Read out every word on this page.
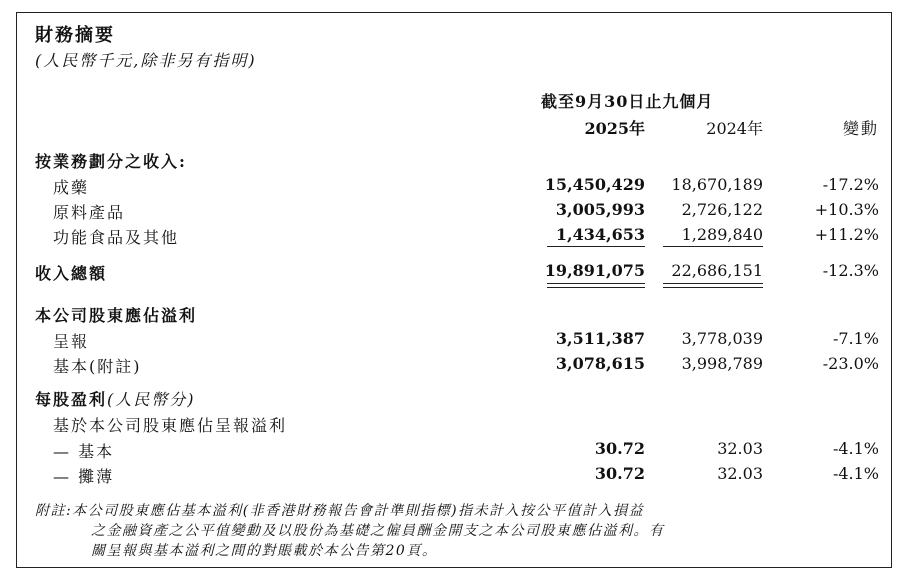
財務摘要
(人民幣千元,除非另有指明)
截至9月30日止九個月
2025年	2024年	變動
按業務劃分之收入:
成藥	15,450,429	18,670,189	-17.2%
原料產品	3,005,993	2,726,122	+10.3%
功能食品及其他	1,434,653	1,289,840	+11.2%
收入總額	19,891,075	22,686,151	-12.3%
本公司股東應佔溢利
呈報	3,511,387	3,778,039	-7.1%
基本(附註)	3,078,615	3,998,789	-23.0%
每股盈利(人民幣分)
基於本公司股東應佔呈報溢利
— 基本	30.72	32.03	-4.1%
— 攤薄	30.72	32.03	-4.1%
附註:本公司股東應佔基本溢利(非香港財務報告會計準則指標)指未計入按公平值計入損益
之金融資產之公平值變動及以股份為基礎之僱員酬金開支之本公司股東應佔溢利。有
關呈報與基本溢利之間的對賬載於本公告第20頁。
